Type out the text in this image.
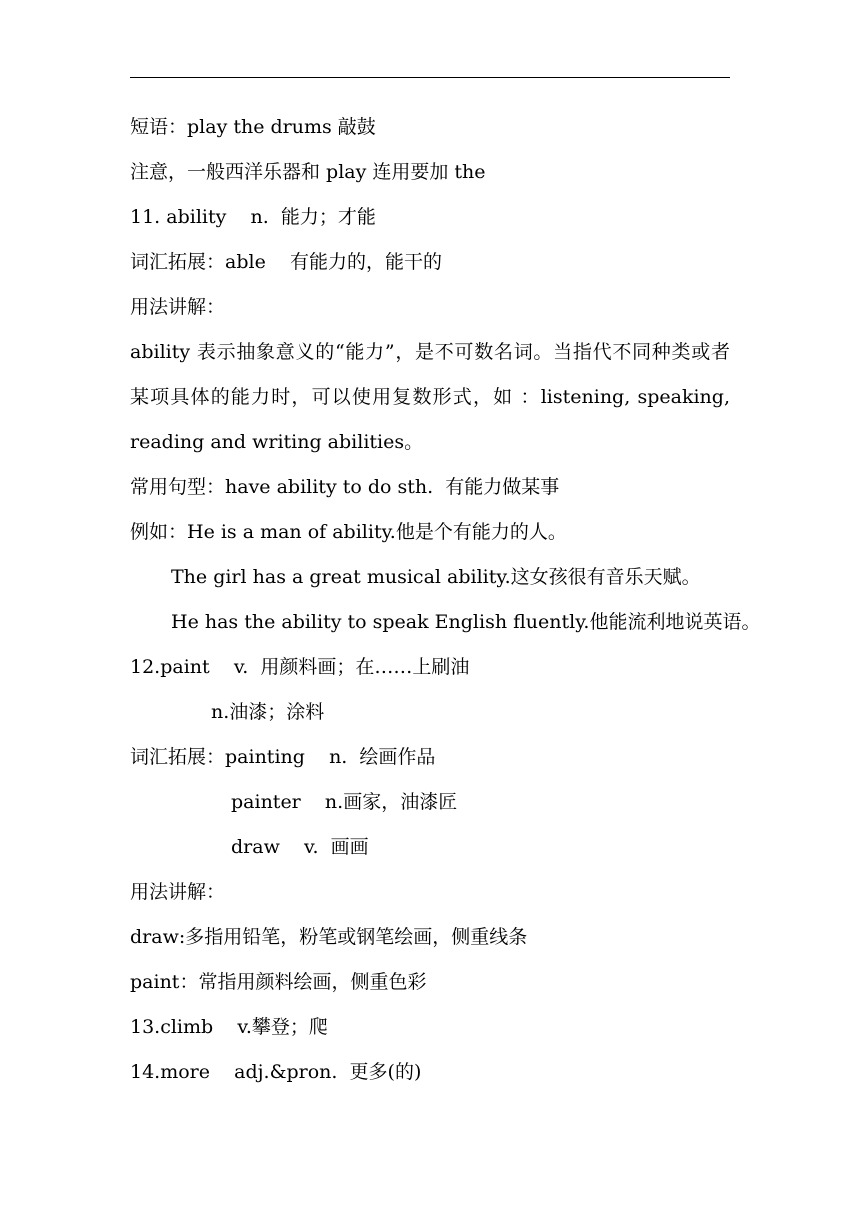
短语：play the drums 敲鼓
注意，一般西洋乐器和 play 连用要加 the
11. ability    n.  能力；才能
词汇拓展：able    有能力的，能干的
用法讲解：
ability 表示抽象意义的“能力”，是不可数名词。当指代不同种类或者
某项具体的能力时，可以使用复数形式，如 ：listening, speaking,
reading and writing abilities。
常用句型：have ability to do sth.  有能力做某事
例如：He is a man of ability.他是个有能力的人。
The girl has a great musical ability.这女孩很有音乐天赋。
He has the ability to speak English fluently.他能流利地说英语。
12.paint    v.  用颜料画；在……上刷油
n.油漆；涂料
词汇拓展：painting    n.  绘画作品
painter    n.画家，油漆匠
draw    v.  画画
用法讲解：
draw:多指用铅笔，粉笔或钢笔绘画，侧重线条
paint：常指用颜料绘画，侧重色彩
13.climb    v.攀登；爬
14.more    adj.&pron.  更多(的)
